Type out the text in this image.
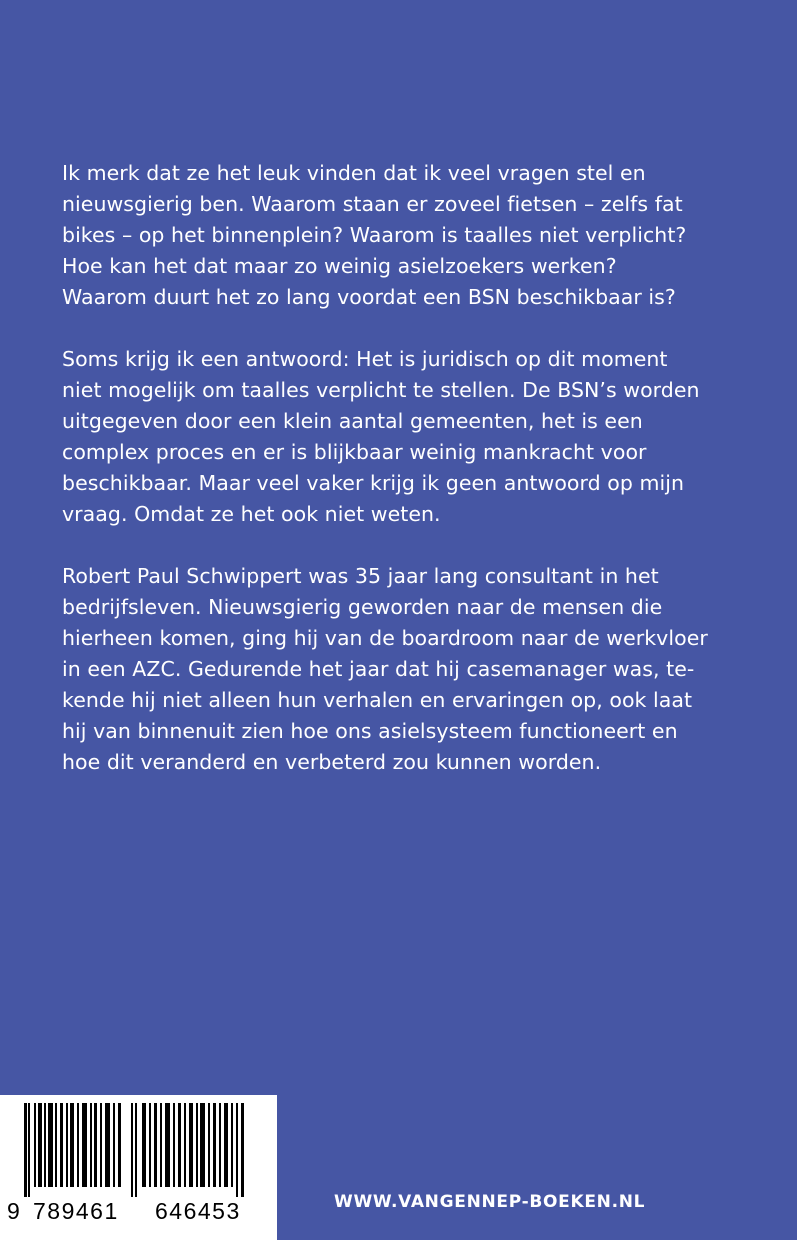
Ik merk dat ze het leuk vinden dat ik veel vragen stel en
nieuwsgierig ben. Waarom staan er zoveel fietsen – zelfs fat
bikes – op het binnenplein? Waarom is taalles niet verplicht?
Hoe kan het dat maar zo weinig asielzoekers werken?
Waarom duurt het zo lang voordat een BSN beschikbaar is?

Soms krijg ik een antwoord: Het is juridisch op dit moment
niet mogelijk om taalles verplicht te stellen. De BSN’s worden
uitgegeven door een klein aantal gemeenten, het is een
complex proces en er is blijkbaar weinig mankracht voor
beschikbaar. Maar veel vaker krijg ik geen antwoord op mijn
vraag. Omdat ze het ook niet weten.

Robert Paul Schwippert was 35 jaar lang consultant in het
bedrijfsleven. Nieuwsgierig geworden naar de mensen die
hierheen komen, ging hij van de boardroom naar de werkvloer
in een AZC. Gedurende het jaar dat hij casemanager was, te-
kende hij niet alleen hun verhalen en ervaringen op, ook laat
hij van binnenuit zien hoe ons asielsysteem functioneert en
hoe dit veranderd en verbeterd zou kunnen worden.

9 789461	646453	WWW.VANGENNEP-BOEKEN.NL
